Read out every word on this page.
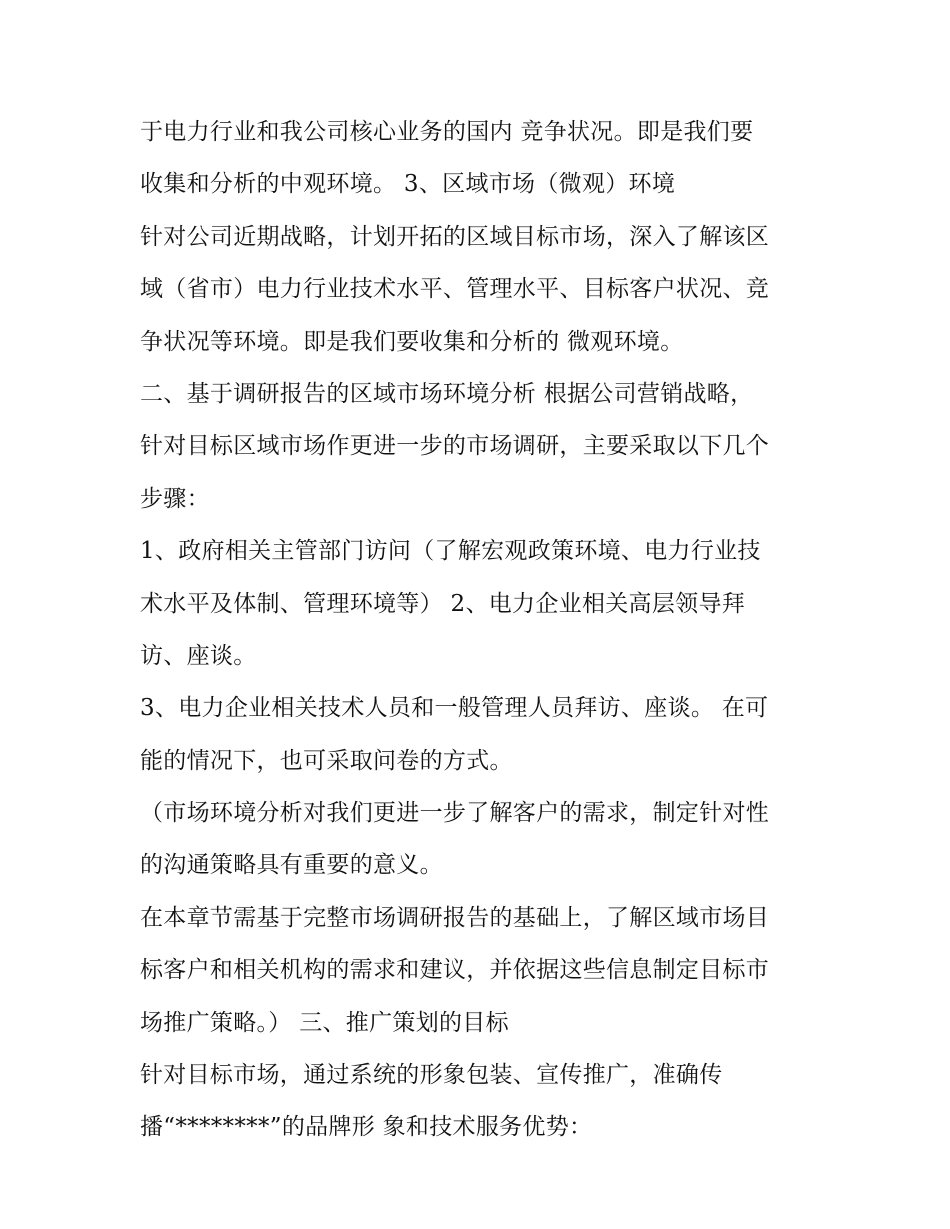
于电力行业和我公司核心业务的国内 竞争状况。即是我们要
收集和分析的中观环境。 3、区域市场（微观）环境
针对公司近期战略，计划开拓的区域目标市场，深入了解该区
域（省市）电力行业技术水平、管理水平、目标客户状况、竞
争状况等环境。即是我们要收集和分析的 微观环境。
二、基于调研报告的区域市场环境分析 根据公司营销战略，
针对目标区域市场作更进一步的市场调研，主要采取以下几个
步骤：
1、政府相关主管部门访问（了解宏观政策环境、电力行业技
术水平及体制、管理环境等） 2、电力企业相关高层领导拜
访、座谈。
3、电力企业相关技术人员和一般管理人员拜访、座谈。 在可
能的情况下，也可采取问卷的方式。
（市场环境分析对我们更进一步了解客户的需求，制定针对性
的沟通策略具有重要的意义。
在本章节需基于完整市场调研报告的基础上，了解区域市场目
标客户和相关机构的需求和建议，并依据这些信息制定目标市
场推广策略。） 三、推广策划的目标
针对目标市场，通过系统的形象包装、宣传推广，准确传
播“********”的品牌形 象和技术服务优势：
